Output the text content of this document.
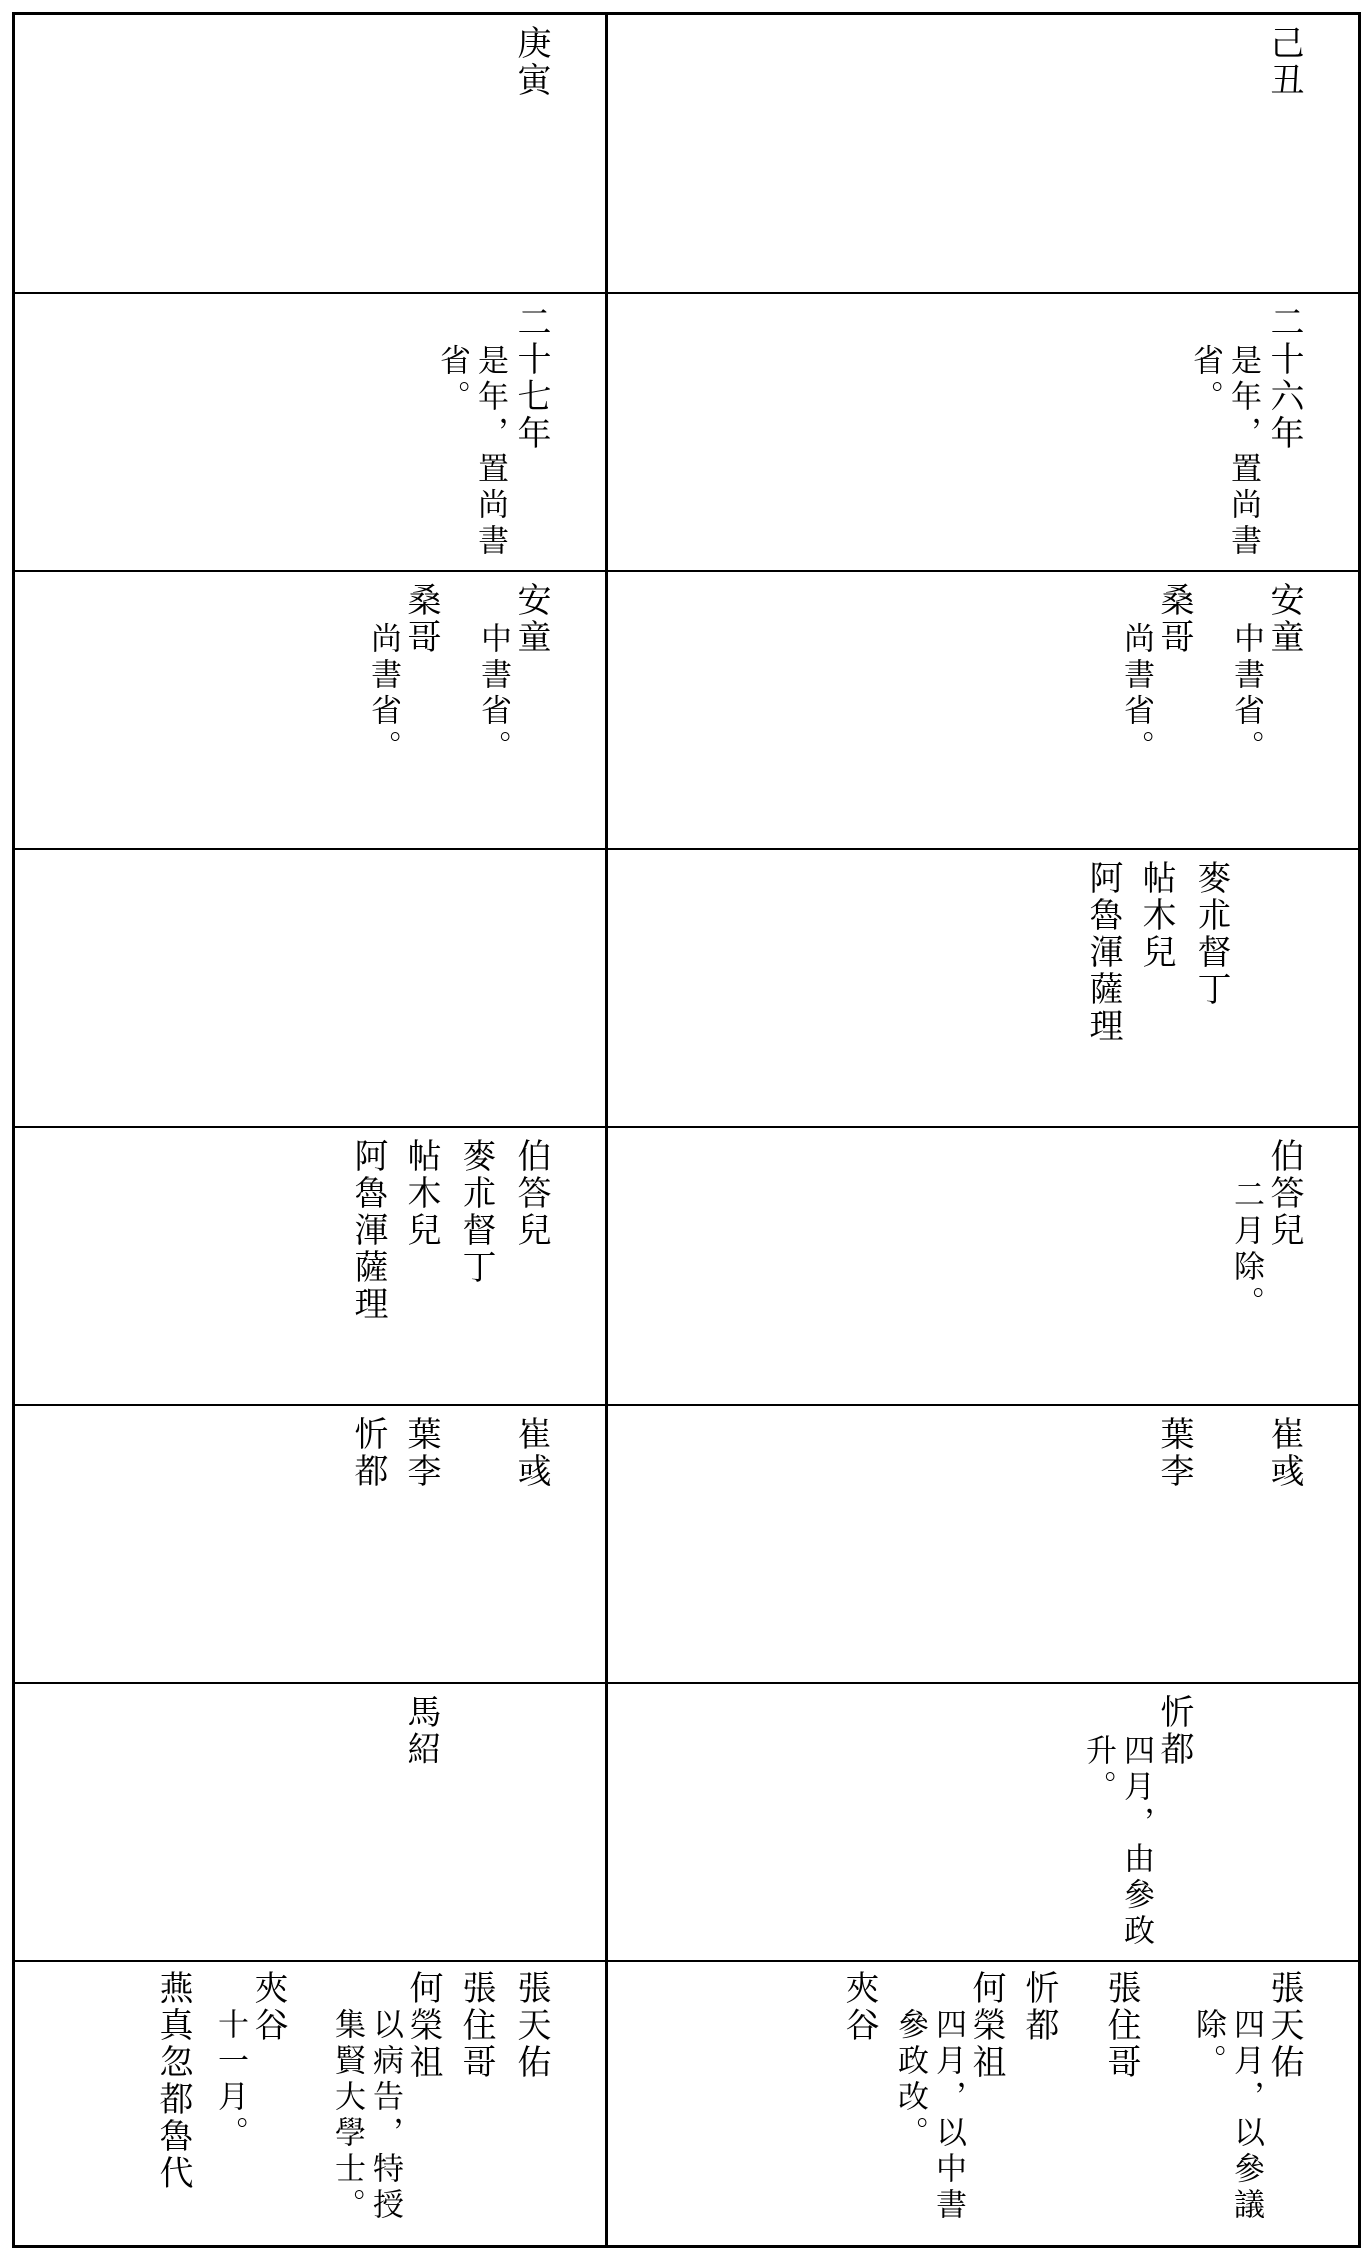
己丑
庚寅
二十六年
是年，置尚書
省。
二十七年
是年，置尚書
省。
安童
中書省。
桑哥
尚書省。
安童
中書省。
桑哥
尚書省。
麥朮督丁
帖木兒
阿魯渾薩理
伯答兒
二月除。
伯答兒
麥朮督丁
帖木兒
阿魯渾薩理
崔彧
葉李
崔彧
葉李
忻都
忻都
四月，由參政
升。
馬紹
張天佑
四月，以參議
除。
張住哥
忻都
何榮祖
四月，以中書
參政改。
夾谷
張天佑
張住哥
何榮祖
以病告，特授
集賢大學士。
夾谷
十一月。
燕真忽都魯代
